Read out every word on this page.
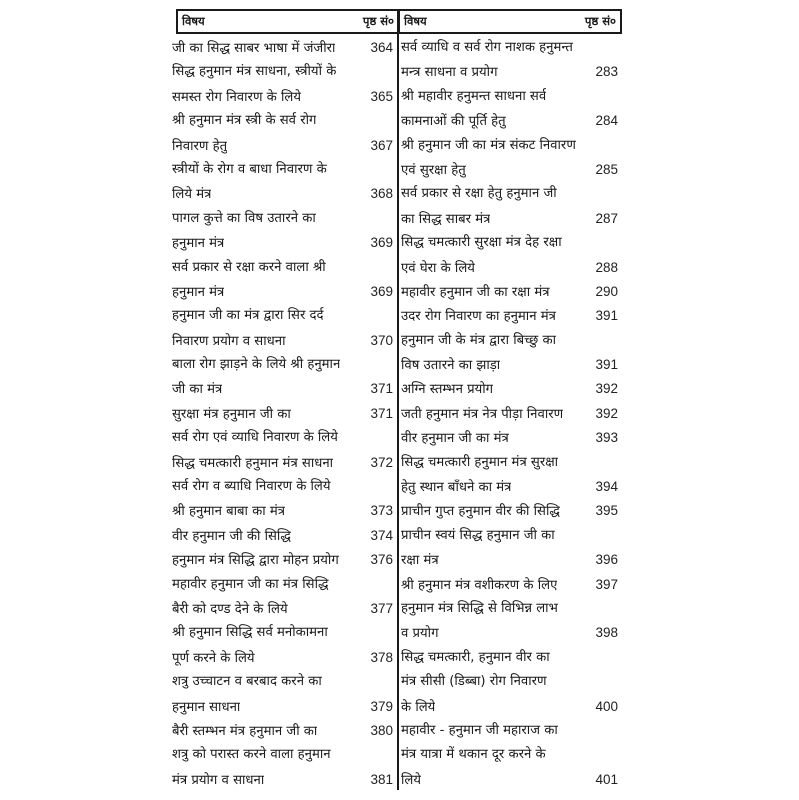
विषय	पृष्ठ सं० विषय	पृष्ठ सं०
जी का सिद्ध साबर भाषा में जंजीरा	364
सिद्ध हनुमान मंत्र साधना, स्त्रीयों के
समस्त रोग निवारण के लिये	365
श्री हनुमान मंत्र स्त्री के सर्व रोग
निवारण हेतु	367
स्त्रीयों के रोग व बाधा निवारण के
लिये मंत्र	368
पागल कुत्ते का विष उतारने का
हनुमान मंत्र	369
सर्व प्रकार से रक्षा करने वाला श्री
हनुमान मंत्र	369
हनुमान जी का मंत्र द्वारा सिर दर्द
निवारण प्रयोग व साधना	370
बाला रोग झाड़ने के लिये श्री हनुमान
जी का मंत्र	371
सुरक्षा मंत्र हनुमान जी का	371
सर्व रोग एवं व्याधि निवारण के लिये
सिद्ध चमत्कारी हनुमान मंत्र साधना	372
सर्व रोग व ब्याधि निवारण के लिये
श्री हनुमान बाबा का मंत्र	373
वीर हनुमान जी की सिद्धि	374
हनुमान मंत्र सिद्धि द्वारा मोहन प्रयोग 376
महावीर हनुमान जी का मंत्र सिद्धि
बैरी को दण्ड देने के लिये	377
श्री हनुमान सिद्धि सर्व मनोकामना
पूर्ण करने के लिये	378
शत्रु उच्चाटन व बरबाद करने का
हनुमान साधना	379
बैरी स्तम्भन मंत्र हनुमान जी का	380
शत्रु को परास्त करने वाला हनुमान
मंत्र प्रयोग व साधना	381
सर्व व्याधि व सर्व रोग नाशक हनुमन्त
मन्त्र साधना व प्रयोग	283
श्री महावीर हनुमन्त साधना सर्व
कामनाओं की पूर्ति हेतु	284
श्री हनुमान जी का मंत्र संकट निवारण
एवं सुरक्षा हेतु	285
सर्व प्रकार से रक्षा हेतु हनुमान जी
का सिद्ध साबर मंत्र	287
सिद्ध चमत्कारी सुरक्षा मंत्र देह रक्षा
एवं घेरा के लिये	288
महावीर हनुमान जी का रक्षा मंत्र	290
उदर रोग निवारण का हनुमान मंत्र	391
हनुमान जी के मंत्र द्वारा बिच्छु का
विष उतारने का झाड़ा	391
अग्नि स्तम्भन प्रयोग	392
जती हनुमान मंत्र नेत्र पीड़ा निवारण 392
वीर हनुमान जी का मंत्र	393
सिद्ध चमत्कारी हनुमान मंत्र सुरक्षा
हेतु स्थान बाँधने का मंत्र	394
प्राचीन गुप्त हनुमान वीर की सिद्धि	395
प्राचीन स्वयं सिद्ध हनुमान जी का
रक्षा मंत्र	396
श्री हनुमान मंत्र वशीकरण के लिए	397
हनुमान मंत्र सिद्धि से विभिन्न लाभ
व प्रयोग	398
सिद्ध चमत्कारी, हनुमान वीर का
मंत्र सीसी (डिब्बा) रोग निवारण
के लिये	400
महावीर - हनुमान जी महाराज का
मंत्र यात्रा में थकान दूर करने के
लिये	401
